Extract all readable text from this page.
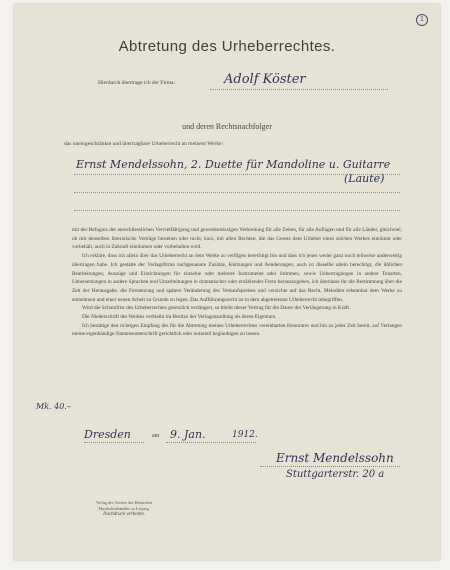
1
Abtretung des Urheberrechtes.
Hierdurch übertrage ich der Firma:	Adolf Köster
und deren Rechtsnachfolger
das uneingeschränkte und übertragbare Urheberrecht an meinem Werke:
Ernst Mendelssohn, 2. Duette für Mandoline u. Guitarre
(Laute)

mit der Befugnis der ausschliesslichen Vervielfältigung und gewerbsmässigen Verbreitung für alle Zeiten, für alle Auflagen und für alle Länder, gleichviel, ob mit denselben litterarische Verträge bestehen oder nicht, kurz, mit allen Rechten, die das Gesetz dem Urheber eines solchen Werkes einräumt oder vorbehält, auch in Zukunft einräumen oder vorbehalten wird.

Ich erkläre, dass ich allein über das Urheberrecht an dem Werke zu verfügen berechtigt bin und dass ich jenes weder ganz noch teilweise anderweitig übertragen habe. Ich gestatte der Verlagsfirma nachgenannte Zusätze, Kürzungen und Aenderungen, auch ist dieselbe allein berechtigt, die üblichen Bearbeitungen, Auszüge und Einrichtungen für einzelne oder mehrere Instrumente oder Stimmen, sowie Uebertragungen in andere Tonarten, Uebersetzungen in andere Sprachen und Umarbeitungen in dramatischer oder erzählender Form herauszugeben, ich überlasse ihr die Bestimmung über die Zeit der Herausgabe, die Festsetzung und spätere Veränderung des Verkaufspreises und verzichte auf das Recht, Melodien erkennbar dem Werke zu entnehmen und einer neuen Arbeit zu Grunde zu legen. Das Aufführungsrecht ist in dem abgetretenen Urheberrecht inbegriffen.

Wird die Schutzfrist des Urheberrechtes gesetzlich verlängert, so bleibt dieser Vertrag für die Dauer der Verlängerung in Kraft.

Die Niederschrift des Werkes verbleibt im Besitze der Verlagshandlung als deren Eigentum.

Ich bestätige den richtigen Empfang des für die Abtretung meines Urheberrechtes vereinbarten Honorares und bin zu jeder Zeit bereit, auf Verlangen meine eigenhändige Namensunterschrift gerichtlich oder notariell beglaubigen zu lassen.

Mk. 40.–
Dresden	am 9. Jan.	1912.
Ernst Mendelssohn
Stuttgarterstr. 20 a
Verlag des Vereins der Deutschen
Musikalienhändler zu Leipzig.
Nachdruck verboten.
